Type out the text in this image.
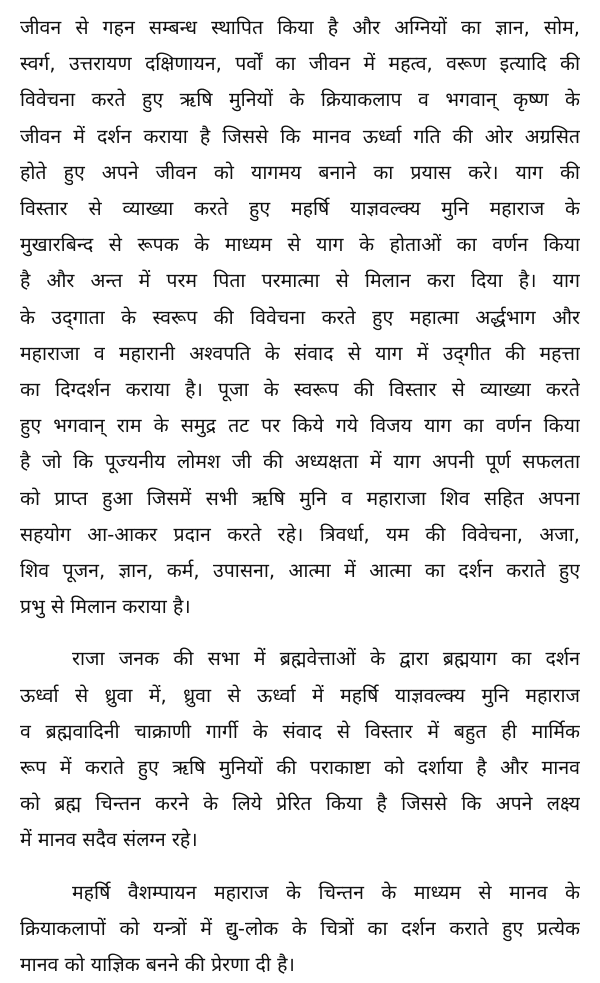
जीवन से गहन सम्बन्ध स्थापित किया है और अग्नियों का ज्ञान, सोम,
स्वर्ग, उत्तरायण दक्षिणायन, पर्वों का जीवन में महत्व, वरूण इत्यादि की
विवेचना करते हुए ऋषि मुनियों के क्रियाकलाप व भगवान् कृष्ण के
जीवन में दर्शन कराया है जिससे कि मानव ऊर्ध्वा गति की ओर अग्रसित
होते हुए अपने जीवन को यागमय बनाने का प्रयास करे। याग की
विस्तार से व्याख्या करते हुए महर्षि याज्ञवल्क्य मुनि महाराज के
मुखारबिन्द से रूपक के माध्यम से याग के होताओं का वर्णन किया
है और अन्त में परम पिता परमात्मा से मिलान करा दिया है। याग
के उद्‌गाता के स्वरूप की विवेचना करते हुए महात्मा अर्द्धभाग और
महाराजा व महारानी अश्वपति के संवाद से याग में उद्‌गीत की महत्ता
का दिग्दर्शन कराया है। पूजा के स्वरूप की विस्तार से व्याख्या करते
हुए भगवान् राम के समुद्र तट पर किये गये विजय याग का वर्णन किया
है जो कि पूज्यनीय लोमश जी की अध्यक्षता में याग अपनी पूर्ण सफलता
को प्राप्त हुआ जिसमें सभी ऋषि मुनि व महाराजा शिव सहित अपना
सहयोग आ-आकर प्रदान करते रहे। त्रिवर्धा, यम की विवेचना, अजा,
शिव पूजन, ज्ञान, कर्म, उपासना, आत्मा में आत्मा का दर्शन कराते हुए
प्रभु से मिलान कराया है।
राजा जनक की सभा में ब्रह्मवेत्ताओं के द्वारा ब्रह्मयाग का दर्शन
ऊर्ध्वा से ध्रुवा में, ध्रुवा से ऊर्ध्वा में महर्षि याज्ञवल्क्य मुनि महाराज
व ब्रह्मवादिनी चाक्राणी गार्गी के संवाद से विस्तार में बहुत ही मार्मिक
रूप में कराते हुए ऋषि मुनियों की पराकाष्टा को दर्शाया है और मानव
को ब्रह्म चिन्तन करने के लिये प्रेरित किया है जिससे कि अपने लक्ष्य
में मानव सदैव संलग्न रहे।
महर्षि वैशम्पायन महाराज के चिन्तन के माध्यम से मानव के
क्रियाकलापों को यन्त्रों में द्यु-लोक के चित्रों का दर्शन कराते हुए प्रत्येक
मानव को याज्ञिक बनने की प्रेरणा दी है।
